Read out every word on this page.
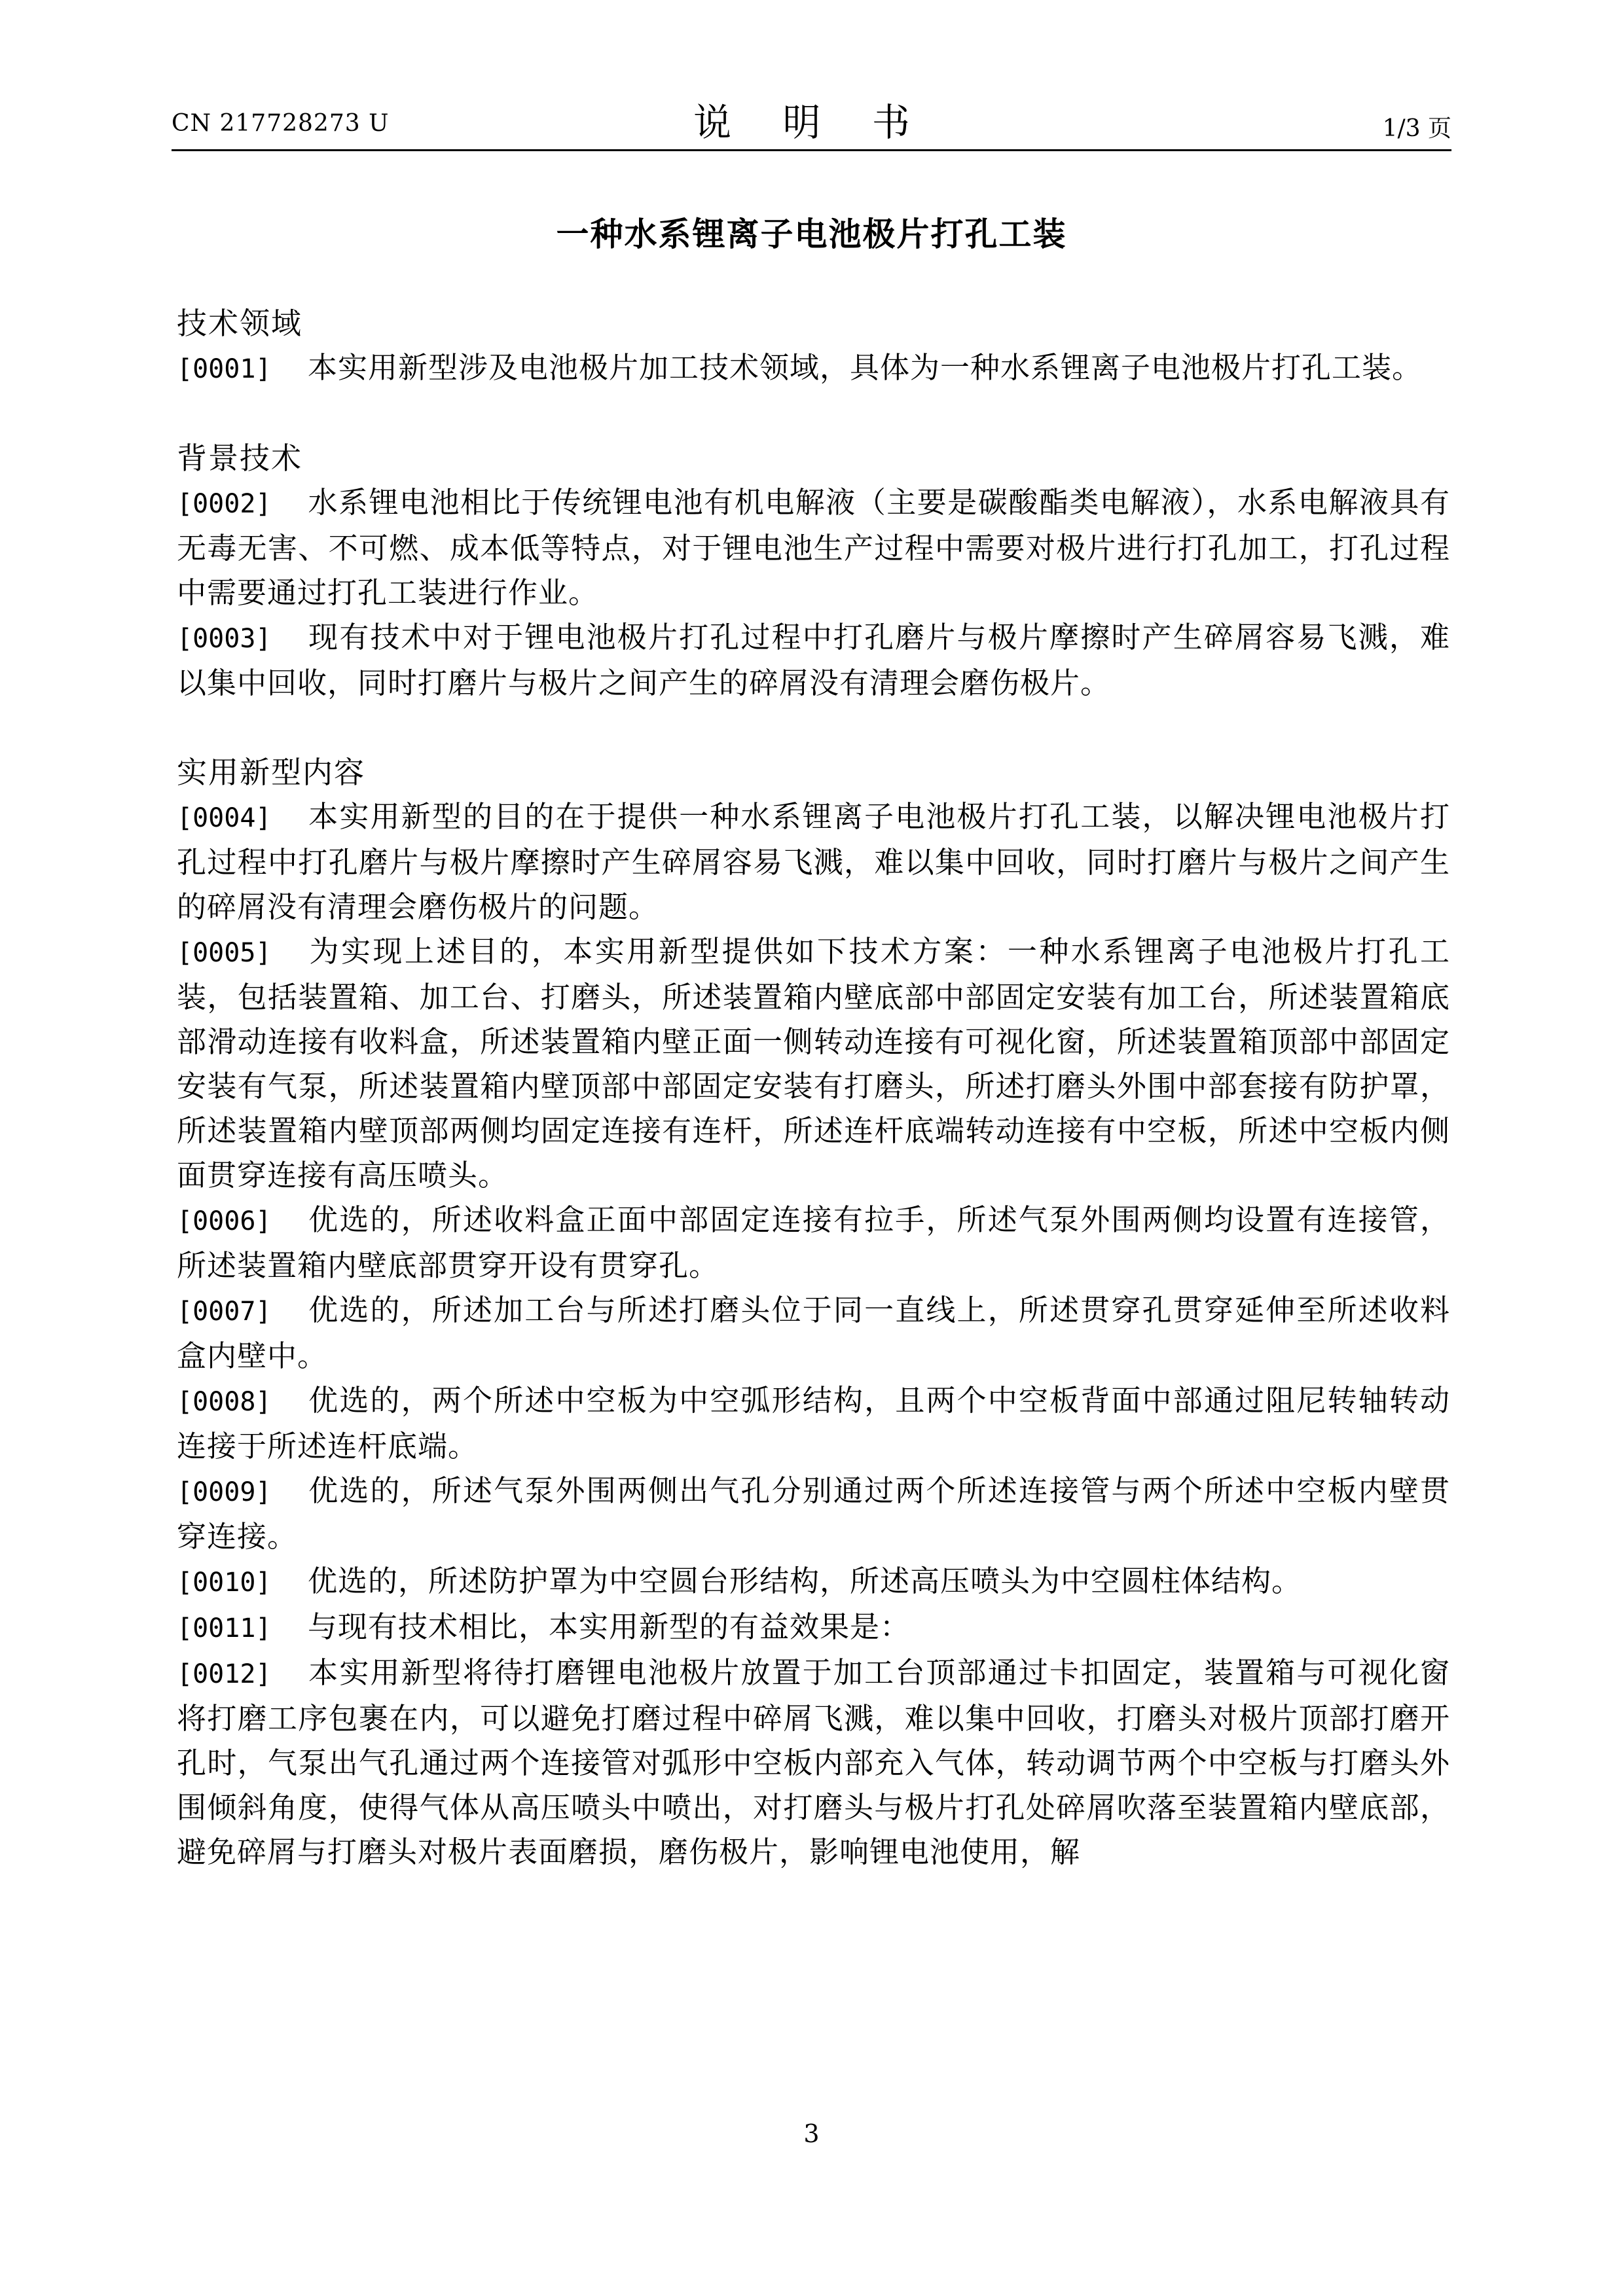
CN 217728273 U	说 明 书	1/3 页
一种水系锂离子电池极片打孔工装
技术领域
[0001] 本实用新型涉及电池极片加工技术领域，具体为一种水系锂离子电池极片打孔工装。
背景技术
[0002] 水系锂电池相比于传统锂电池有机电解液（主要是碳酸酯类电解液），水系电解液具有无毒无害、不可燃、成本低等特点，对于锂电池生产过程中需要对极片进行打孔加工，打孔过程中需要通过打孔工装进行作业。
[0003] 现有技术中对于锂电池极片打孔过程中打孔磨片与极片摩擦时产生碎屑容易飞溅，难以集中回收，同时打磨片与极片之间产生的碎屑没有清理会磨伤极片。
实用新型内容
[0004] 本实用新型的目的在于提供一种水系锂离子电池极片打孔工装，以解决锂电池极片打孔过程中打孔磨片与极片摩擦时产生碎屑容易飞溅，难以集中回收，同时打磨片与极片之间产生的碎屑没有清理会磨伤极片的问题。
[0005] 为实现上述目的，本实用新型提供如下技术方案：一种水系锂离子电池极片打孔工装，包括装置箱、加工台、打磨头，所述装置箱内壁底部中部固定安装有加工台，所述装置箱底部滑动连接有收料盒，所述装置箱内壁正面一侧转动连接有可视化窗，所述装置箱顶部中部固定安装有气泵，所述装置箱内壁顶部中部固定安装有打磨头，所述打磨头外围中部套接有防护罩，所述装置箱内壁顶部两侧均固定连接有连杆，所述连杆底端转动连接有中空板，所述中空板内侧面贯穿连接有高压喷头。
[0006] 优选的，所述收料盒正面中部固定连接有拉手，所述气泵外围两侧均设置有连接管，所述装置箱内壁底部贯穿开设有贯穿孔。
[0007] 优选的，所述加工台与所述打磨头位于同一直线上，所述贯穿孔贯穿延伸至所述收料盒内壁中。
[0008] 优选的，两个所述中空板为中空弧形结构，且两个中空板背面中部通过阻尼转轴转动连接于所述连杆底端。
[0009] 优选的，所述气泵外围两侧出气孔分别通过两个所述连接管与两个所述中空板内壁贯穿连接。
[0010] 优选的，所述防护罩为中空圆台形结构，所述高压喷头为中空圆柱体结构。
[0011] 与现有技术相比，本实用新型的有益效果是：
[0012] 本实用新型将待打磨锂电池极片放置于加工台顶部通过卡扣固定，装置箱与可视化窗将打磨工序包裹在内，可以避免打磨过程中碎屑飞溅，难以集中回收，打磨头对极片顶部打磨开孔时，气泵出气孔通过两个连接管对弧形中空板内部充入气体，转动调节两个中空板与打磨头外围倾斜角度，使得气体从高压喷头中喷出，对打磨头与极片打孔处碎屑吹落至装置箱内壁底部，避免碎屑与打磨头对极片表面磨损，磨伤极片，影响锂电池使用，解
3
